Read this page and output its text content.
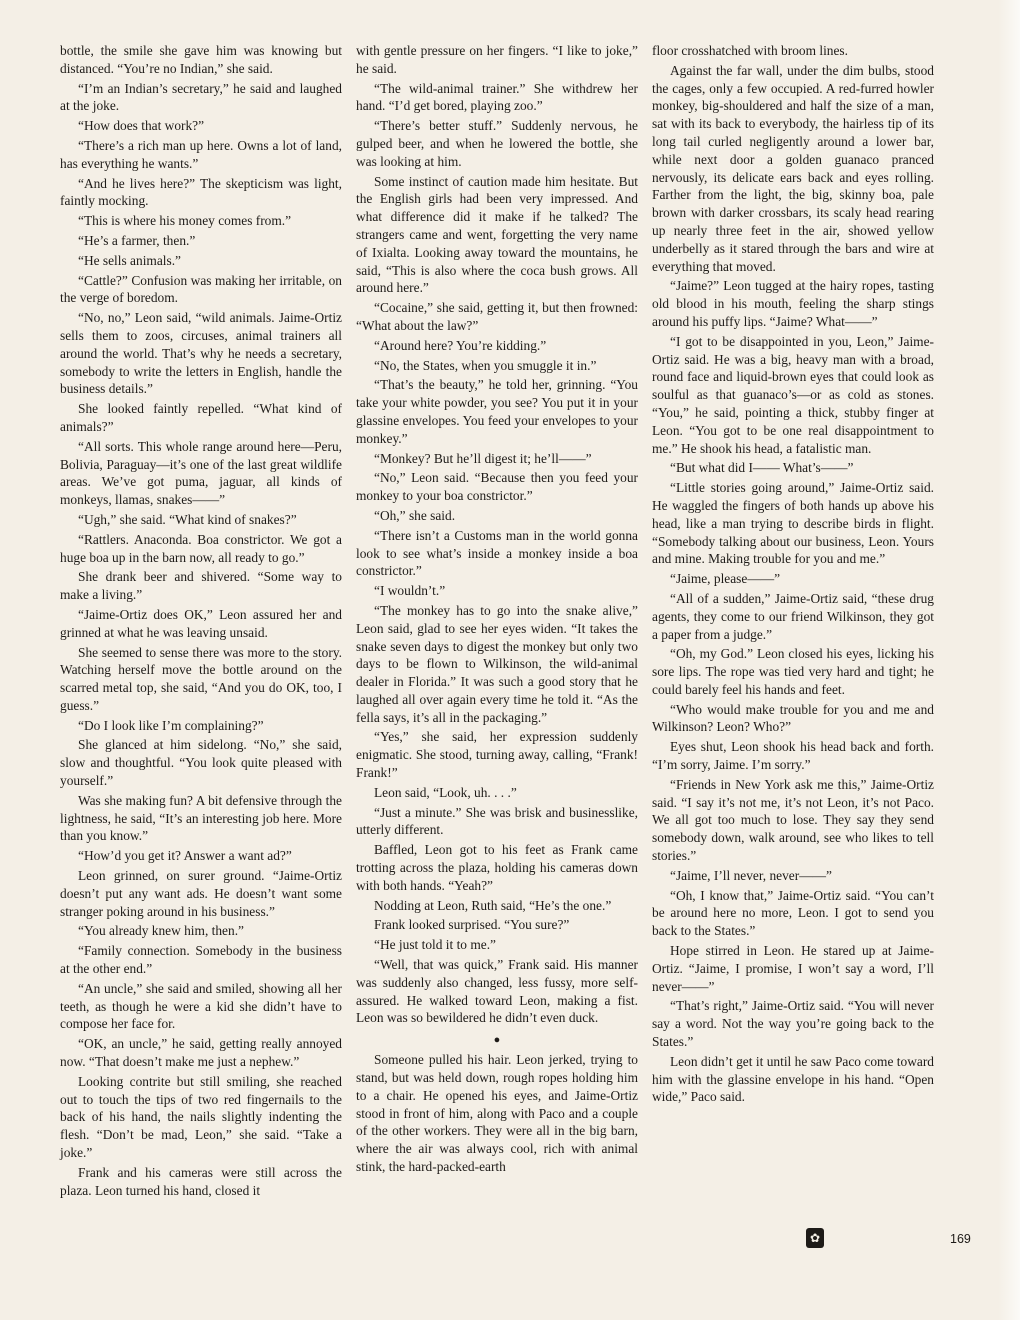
bottle, the smile she gave him was knowing but distanced. “You’re no Indian,” she said.

“I’m an Indian’s secretary,” he said and laughed at the joke.

“How does that work?”

“There’s a rich man up here. Owns a lot of land, has everything he wants.”

“And he lives here?” The skepticism was light, faintly mocking.

“This is where his money comes from.”

“He’s a farmer, then.”

“He sells animals.”

“Cattle?” Confusion was making her irritable, on the verge of boredom.

“No, no,” Leon said, “wild animals. Jaime-Ortiz sells them to zoos, circuses, animal trainers all around the world. That’s why he needs a secretary, somebody to write the letters in English, handle the business details.”

She looked faintly repelled. “What kind of animals?”

“All sorts. This whole range around here—Peru, Bolivia, Paraguay—it’s one of the last great wildlife areas. We’ve got puma, jaguar, all kinds of monkeys, llamas, snakes——”

“Ugh,” she said. “What kind of snakes?”

“Rattlers. Anaconda. Boa constrictor. We got a huge boa up in the barn now, all ready to go.”

She drank beer and shivered. “Some way to make a living.”

“Jaime-Ortiz does OK,” Leon assured her and grinned at what he was leaving unsaid.

She seemed to sense there was more to the story. Watching herself move the bottle around on the scarred metal top, she said, “And you do OK, too, I guess.”

“Do I look like I’m complaining?”

She glanced at him sidelong. “No,” she said, slow and thoughtful. “You look quite pleased with yourself.”

Was she making fun? A bit defensive through the lightness, he said, “It’s an interesting job here. More than you know.”

“How’d you get it? Answer a want ad?”

Leon grinned, on surer ground. “Jaime-Ortiz doesn’t put any want ads. He doesn’t want some stranger poking around in his business.”

“You already knew him, then.”

“Family connection. Somebody in the business at the other end.”

“An uncle,” she said and smiled, showing all her teeth, as though he were a kid she didn’t have to compose her face for.

“OK, an uncle,” he said, getting really annoyed now. “That doesn’t make me just a nephew.”

Looking contrite but still smiling, she reached out to touch the tips of two red fingernails to the back of his hand, the nails slightly indenting the flesh. “Don’t be mad, Leon,” she said. “Take a joke.”

Frank and his cameras were still across the plaza. Leon turned his hand, closed it

with gentle pressure on her fingers. “I like to joke,” he said.

“The wild-animal trainer.” She withdrew her hand. “I’d get bored, playing zoo.”

“There’s better stuff.” Suddenly nervous, he gulped beer, and when he lowered the bottle, she was looking at him.

Some instinct of caution made him hesitate. But the English girls had been very impressed. And what difference did it make if he talked? The strangers came and went, forgetting the very name of Ixialta. Looking away toward the mountains, he said, “This is also where the coca bush grows. All around here.”

“Cocaine,” she said, getting it, but then frowned: “What about the law?”

“Around here? You’re kidding.”

“No, the States, when you smuggle it in.”

“That’s the beauty,” he told her, grinning. “You take your white powder, you see? You put it in your glassine envelopes. You feed your envelopes to your monkey.”

“Monkey? But he’ll digest it; he’ll——”

“No,” Leon said. “Because then you feed your monkey to your boa constrictor.”

“Oh,” she said.

“There isn’t a Customs man in the world gonna look to see what’s inside a monkey inside a boa constrictor.”

“I wouldn’t.”

“The monkey has to go into the snake alive,” Leon said, glad to see her eyes widen. “It takes the snake seven days to digest the monkey but only two days to be flown to Wilkinson, the wild-animal dealer in Florida.” It was such a good story that he laughed all over again every time he told it. “As the fella says, it’s all in the packaging.”

“Yes,” she said, her expression suddenly enigmatic. She stood, turning away, calling, “Frank! Frank!”

Leon said, “Look, uh. . . .”

“Just a minute.” She was brisk and businesslike, utterly different.

Baffled, Leon got to his feet as Frank came trotting across the plaza, holding his cameras down with both hands. “Yeah?”

Nodding at Leon, Ruth said, “He’s the one.”

Frank looked surprised. “You sure?”

“He just told it to me.”

“Well, that was quick,” Frank said. His manner was suddenly also changed, less fussy, more self-assured. He walked toward Leon, making a fist. Leon was so bewildered he didn’t even duck.

●

Someone pulled his hair. Leon jerked, trying to stand, but was held down, rough ropes holding him to a chair. He opened his eyes, and Jaime-Ortiz stood in front of him, along with Paco and a couple of the other workers. They were all in the big barn, where the air was always cool, rich with animal stink, the hard-packed-earth

floor crosshatched with broom lines.

Against the far wall, under the dim bulbs, stood the cages, only a few occupied. A red-furred howler monkey, big-shouldered and half the size of a man, sat with its back to everybody, the hairless tip of its long tail curled negligently around a lower bar, while next door a golden guanaco pranced nervously, its delicate ears back and eyes rolling. Farther from the light, the big, skinny boa, pale brown with darker crossbars, its scaly head rearing up nearly three feet in the air, showed yellow underbelly as it stared through the bars and wire at everything that moved.

“Jaime?” Leon tugged at the hairy ropes, tasting old blood in his mouth, feeling the sharp stings around his puffy lips. “Jaime? What——”

“I got to be disappointed in you, Leon,” Jaime-Ortiz said. He was a big, heavy man with a broad, round face and liquid-brown eyes that could look as soulful as that guanaco’s—or as cold as stones. “You,” he said, pointing a thick, stubby finger at Leon. “You got to be one real disappointment to me.” He shook his head, a fatalistic man.

“But what did I—— What’s——”

“Little stories going around,” Jaime-Ortiz said. He waggled the fingers of both hands up above his head, like a man trying to describe birds in flight. “Somebody talking about our business, Leon. Yours and mine. Making trouble for you and me.”

“Jaime, please——”

“All of a sudden,” Jaime-Ortiz said, “these drug agents, they come to our friend Wilkinson, they got a paper from a judge.”

“Oh, my God.” Leon closed his eyes, licking his sore lips. The rope was tied very hard and tight; he could barely feel his hands and feet.

“Who would make trouble for you and me and Wilkinson? Leon? Who?”

Eyes shut, Leon shook his head back and forth. “I’m sorry, Jaime. I’m sorry.”

“Friends in New York ask me this,” Jaime-Ortiz said. “I say it’s not me, it’s not Leon, it’s not Paco. We all got too much to lose. They say they send somebody down, walk around, see who likes to tell stories.”

“Jaime, I’ll never, never——”

“Oh, I know that,” Jaime-Ortiz said. “You can’t be around here no more, Leon. I got to send you back to the States.”

Hope stirred in Leon. He stared up at Jaime-Ortiz. “Jaime, I promise, I won’t say a word, I’ll never——”

“That’s right,” Jaime-Ortiz said. “You will never say a word. Not the way you’re going back to the States.”

Leon didn’t get it until he saw Paco come toward him with the glassine envelope in his hand. “Open wide,” Paco said.

✿	169
